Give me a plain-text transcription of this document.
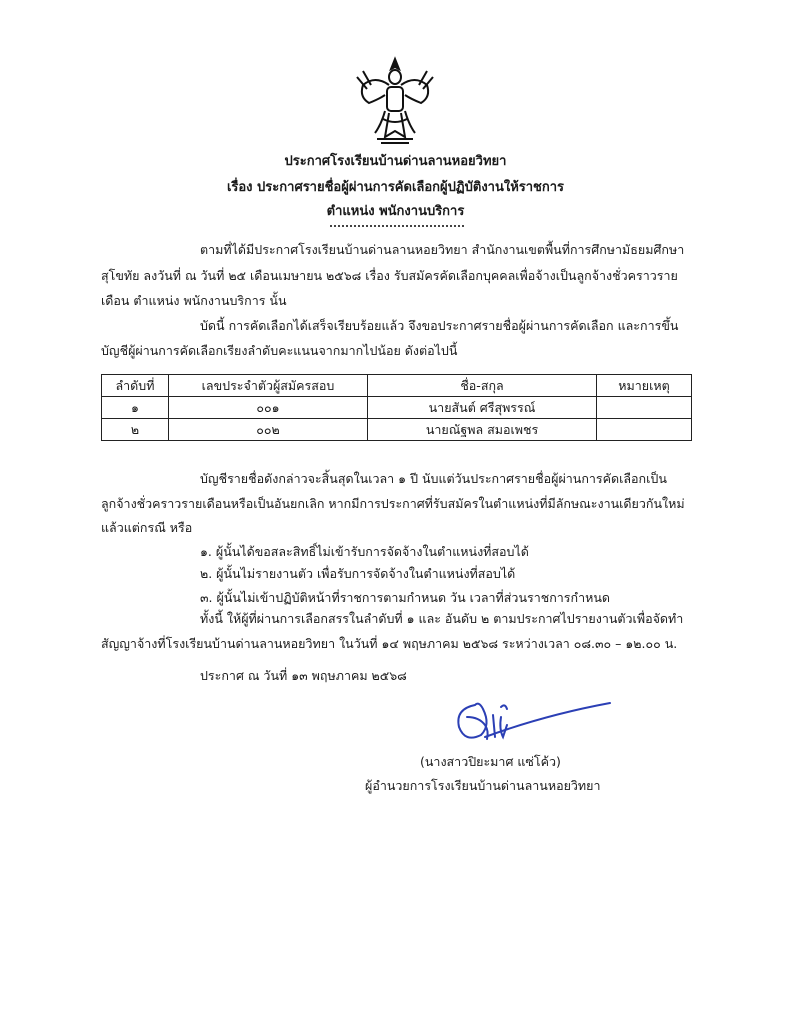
ประกาศโรงเรียนบ้านด่านลานหอยวิทยา
เรื่อง ประกาศรายชื่อผู้ผ่านการคัดเลือกผู้ปฏิบัติงานให้ราชการ
ตำแหน่ง พนักงานบริการ
ตามที่ได้มีประกาศโรงเรียนบ้านด่านลานหอยวิทยา สำนักงานเขตพื้นที่การศึกษามัธยมศึกษา
สุโขทัย ลงวันที่ ณ วันที่ ๒๕ เดือนเมษายน ๒๕๖๘ เรื่อง รับสมัครคัดเลือกบุคคลเพื่อจ้างเป็นลูกจ้างชั่วคราวราย
เดือน ตำแหน่ง พนักงานบริการ นั้น
บัดนี้ การคัดเลือกได้เสร็จเรียบร้อยแล้ว จึงขอประกาศรายชื่อผู้ผ่านการคัดเลือก และการขึ้น
บัญชีผู้ผ่านการคัดเลือกเรียงลำดับคะแนนจากมากไปน้อย ดังต่อไปนี้
ลำดับที่	เลขประจำตัวผู้สมัครสอบ	ชื่อ-สกุล	หมายเหตุ
๑	๐๐๑	นายสันต์ ศรีสุพรรณ์	
๒	๐๐๒	นายณัฐพล สมอเพชร	
บัญชีรายชื่อดังกล่าวจะสิ้นสุดในเวลา ๑ ปี นับแต่วันประกาศรายชื่อผู้ผ่านการคัดเลือกเป็น
ลูกจ้างชั่วคราวรายเดือนหรือเป็นอันยกเลิก หากมีการประกาศที่รับสมัครในตำแหน่งที่มีลักษณะงานเดียวกันใหม่
แล้วแต่กรณี หรือ
๑. ผู้นั้นได้ขอสละสิทธิ์ไม่เข้ารับการจัดจ้างในตำแหน่งที่สอบได้
๒. ผู้นั้นไม่รายงานตัว เพื่อรับการจัดจ้างในตำแหน่งที่สอบได้
๓. ผู้นั้นไม่เข้าปฏิบัติหน้าที่ราชการตามกำหนด วัน เวลาที่ส่วนราชการกำหนด
ทั้งนี้ ให้ผู้ที่ผ่านการเลือกสรรในลำดับที่ ๑ และ อันดับ ๒ ตามประกาศไปรายงานตัวเพื่อจัดทำ
สัญญาจ้างที่โรงเรียนบ้านด่านลานหอยวิทยา ในวันที่ ๑๔ พฤษภาคม ๒๕๖๘ ระหว่างเวลา ๐๘.๓๐ – ๑๒.๐๐ น.
ประกาศ ณ วันที่ ๑๓ พฤษภาคม ๒๕๖๘
(นางสาวปิยะมาศ แซ่โค้ว)
ผู้อำนวยการโรงเรียนบ้านด่านลานหอยวิทยา
